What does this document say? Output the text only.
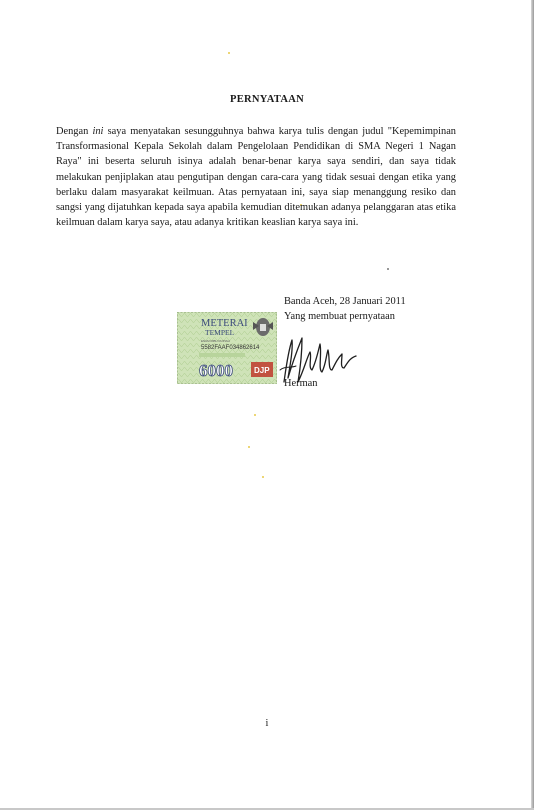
PERNYATAAN
Dengan ini saya menyatakan sesungguhnya bahwa karya tulis dengan judul "Kepemimpinan Transformasional Kepala Sekolah dalam Pengelolaan Pendidikan di SMA Negeri 1 Nagan Raya" ini beserta seluruh isinya adalah benar-benar karya saya sendiri, dan saya tidak melakukan penjiplakan atau pengutipan dengan cara-cara yang tidak sesuai dengan etika yang berlaku dalam masyarakat keilmuan. Atas pernyataan ini, saya siap menanggung resiko dan sangsi yang dijatuhkan kepada saya apabila kemudian ditemukan adanya pelanggaran atas etika keilmuan dalam karya saya, atau adanya kritikan keaslian karya saya ini.
Banda Aceh, 28 Januari 2011
Yang membuat pernyataan
METERAI
TEMPEL
ENAM RIBU RUPIAH
5582FAAF034862614
6000	DJP
Herman
i
